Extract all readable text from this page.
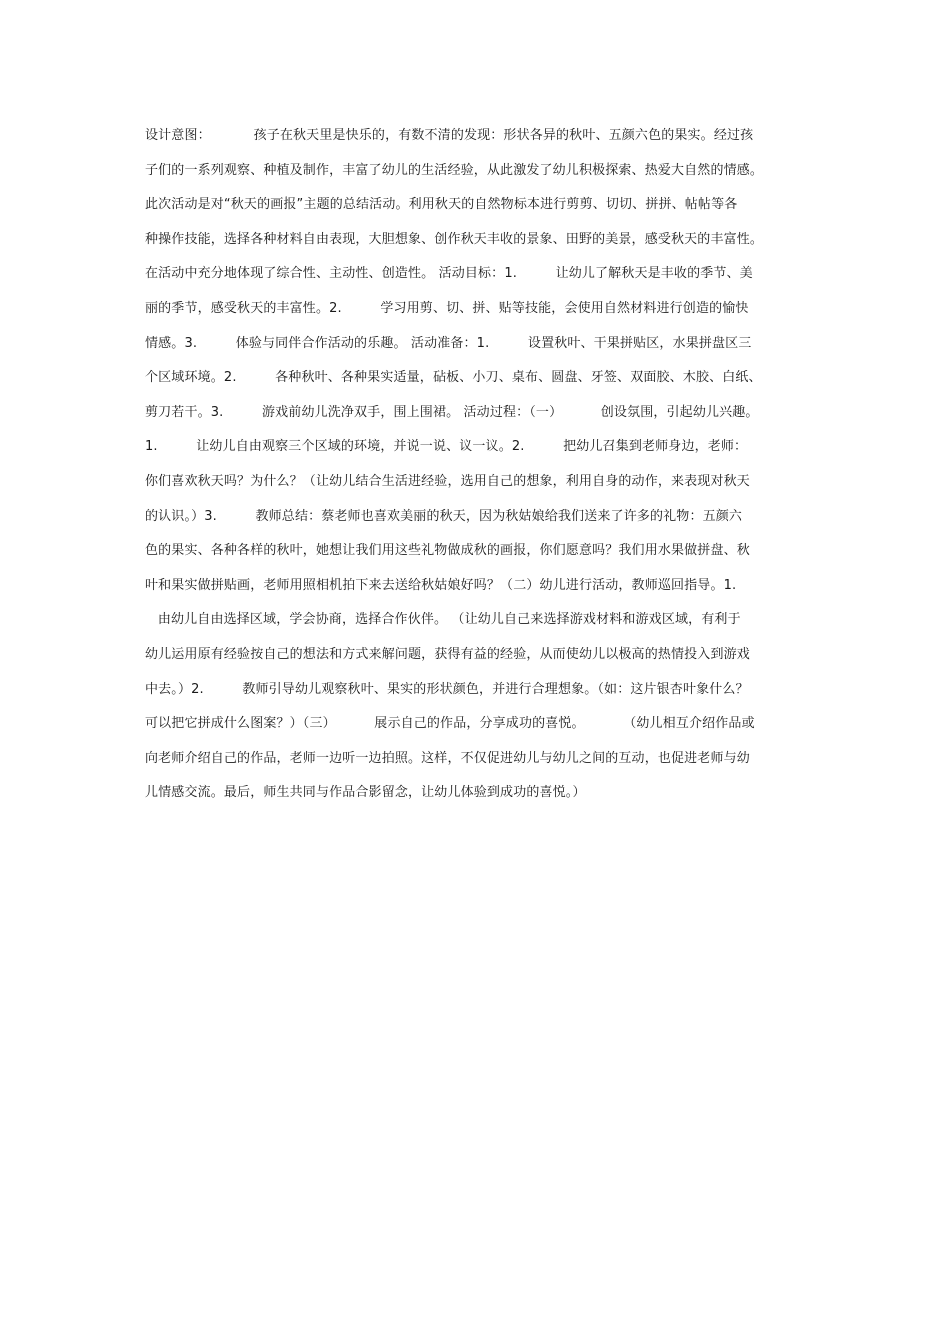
设计意图：          孩子在秋天里是快乐的，有数不清的发现：形状各异的秋叶、五颜六色的果实。经过孩
子们的一系列观察、种植及制作，丰富了幼儿的生活经验，从此激发了幼儿积极探索、热爱大自然的情感。
此次活动是对“秋天的画报”主题的总结活动。利用秋天的自然物标本进行剪剪、切切、拼拼、帖帖等各
种操作技能，选择各种材料自由表现，大胆想象、创作秋天丰收的景象、田野的美景，感受秋天的丰富性。
在活动中充分地体现了综合性、主动性、创造性。 活动目标：1.         让幼儿了解秋天是丰收的季节、美
丽的季节，感受秋天的丰富性。2.         学习用剪、切、拼、贴等技能，会使用自然材料进行创造的愉快
情感。3.         体验与同伴合作活动的乐趣。 活动准备：1.         设置秋叶、干果拼贴区，水果拼盘区三
个区域环境。2.         各种秋叶、各种果实适量，砧板、小刀、桌布、圆盘、牙签、双面胶、木胶、白纸、
剪刀若干。3.         游戏前幼儿洗净双手，围上围裙。 活动过程：（一）         创设氛围，引起幼儿兴趣。
1.         让幼儿自由观察三个区域的环境，并说一说、议一议。2.         把幼儿召集到老师身边，老师：
你们喜欢秋天吗？为什么？（让幼儿结合生活进经验，选用自己的想象，利用自身的动作，来表现对秋天
的认识。）3.         教师总结：蔡老师也喜欢美丽的秋天，因为秋姑娘给我们送来了许多的礼物：五颜六
色的果实、各种各样的秋叶，她想让我们用这些礼物做成秋的画报，你们愿意吗？我们用水果做拼盘、秋
叶和果实做拼贴画，老师用照相机拍下来去送给秋姑娘好吗？（二）幼儿进行活动，教师巡回指导。1.
由幼儿自由选择区域，学会协商，选择合作伙伴。 （让幼儿自己来选择游戏材料和游戏区域，有利于
幼儿运用原有经验按自己的想法和方式来解问题，获得有益的经验，从而使幼儿以极高的热情投入到游戏
中去。）2.         教师引导幼儿观察秋叶、果实的形状颜色，并进行合理想象。（如：这片银杏叶象什么？
可以把它拼成什么图案？）（三）         展示自己的作品，分享成功的喜悦。         （幼儿相互介绍作品或
向老师介绍自己的作品，老师一边听一边拍照。这样，不仅促进幼儿与幼儿之间的互动，也促进老师与幼
儿情感交流。最后，师生共同与作品合影留念，让幼儿体验到成功的喜悦。）
